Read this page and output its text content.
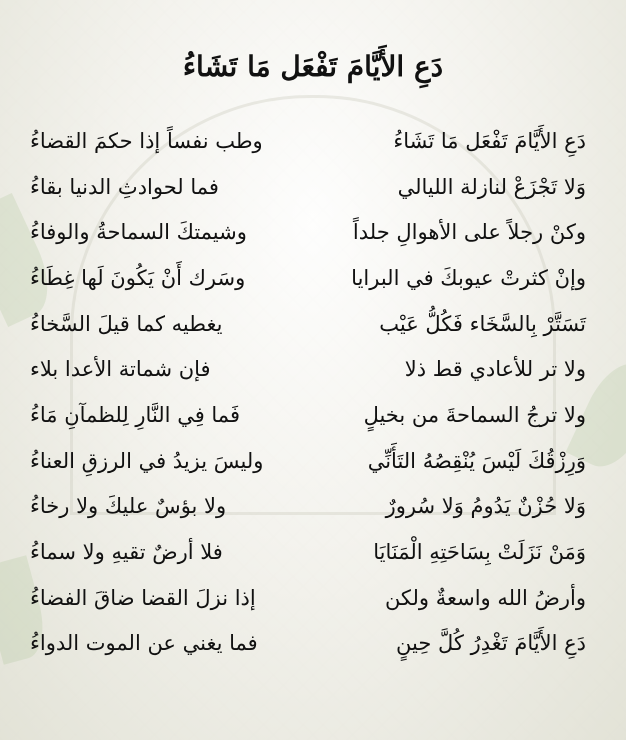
دَعِ الأَيَّامَ تَفْعَل مَا تَشَاءُ
دَعِ الأَيَّامَ تَفْعَل مَا تَشَاءُ
وطب نفساً إذا حكمَ القضاءُ
وَلا تَجْزَعْ لنازلة الليالي
فما لحوادثِ الدنيا بقاءُ
وكنْ رجلاً على الأهوالِ جلداً
وشيمتكَ السماحةُ والوفاءُ
وإنْ كثرتْ عيوبكَ في البرايا
وسَرك أَنْ يَكُونَ لَها غِطَاءُ
تَسَتَّرْ بِالسَّخَاء فَكُلُّ عَيْب
يغطيه كما قيلَ السَّخاءُ
ولا تر للأعادي قط ذلا
فإن شماتة الأعدا بلاء
ولا ترجُ السماحةَ من بخيلٍ
فَما فِي النَّارِ لِلظمآنِ مَاءُ
وَرِزْقُكَ لَيْسَ يُنْقِصُهُ التَأَنِّي
وليسَ يزيدُ في الرزقِ العناءُ
وَلا حُزْنٌ يَدُومُ وَلا سُرورٌ
ولا بؤسٌ عليكَ ولا رخاءُ
وَمَنْ نَزَلَتْ بِسَاحَتِهِ الْمَنَايَا
فلا أرضٌ تقيهِ ولا سماءُ
وأرضُ الله واسعةٌ ولكن
إذا نزلَ القضا ضاقَ الفضاءُ
دَعِ الأَيَّامَ تَغْدِرُ كُلَّ حِينٍ
فما يغني عن الموت الدواءُ
